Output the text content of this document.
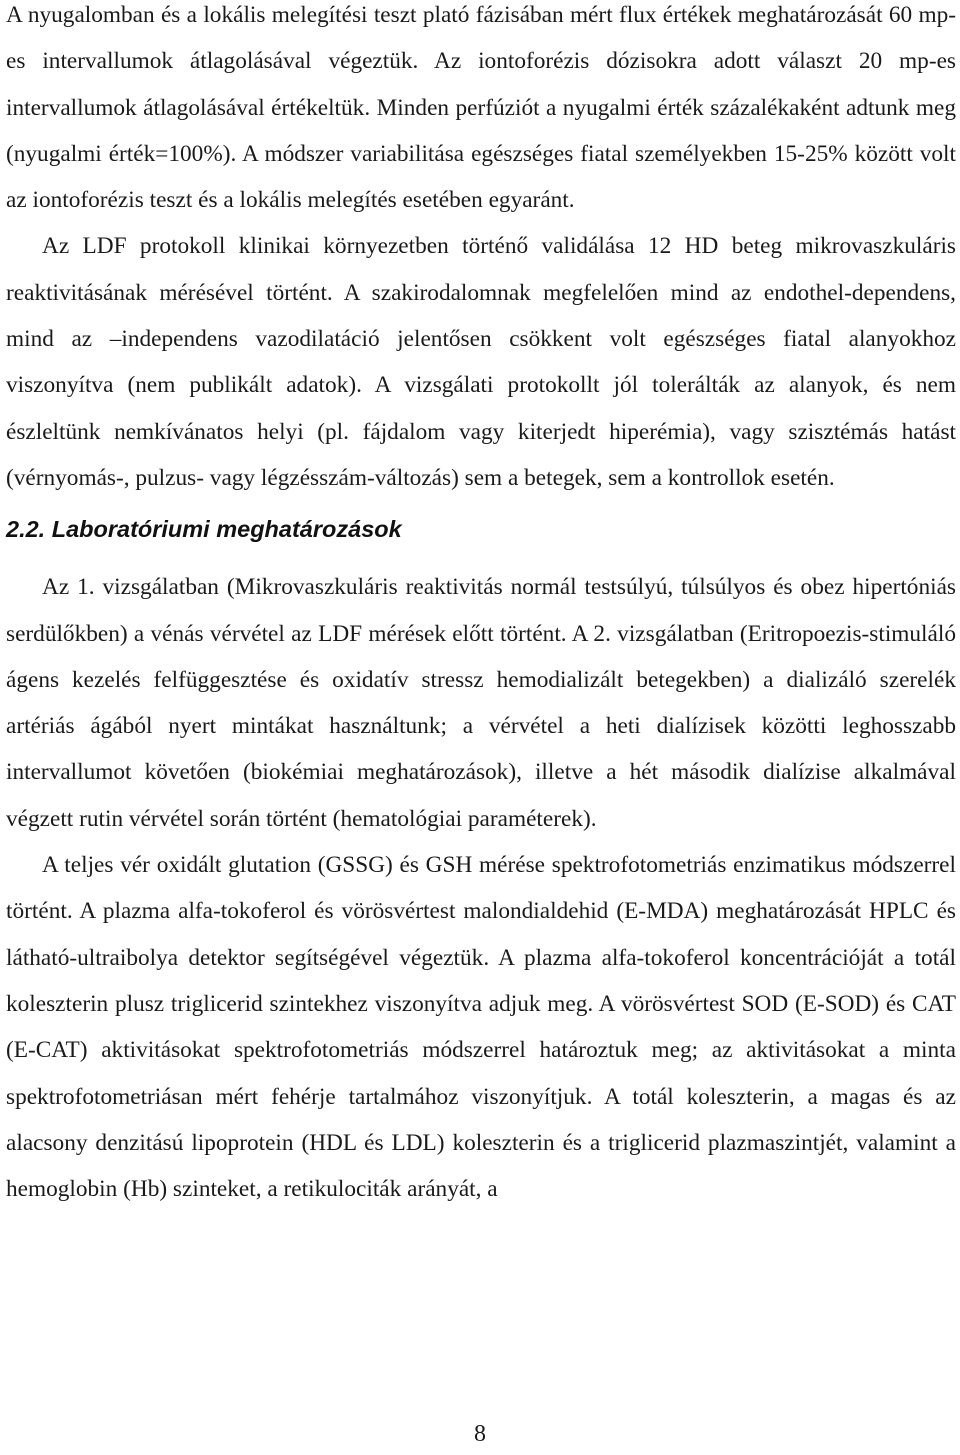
A nyugalomban és a lokális melegítési teszt plató fázisában mért flux értékek meghatározását 60 mp-es intervallumok átlagolásával végeztük. Az iontoforézis dózisokra adott választ 20 mp-es intervallumok átlagolásával értékeltük. Minden perfúziót a nyugalmi érték százalékaként adtunk meg (nyugalmi érték=100%). A módszer variabilitása egészséges fiatal személyekben 15-25% között volt az iontoforézis teszt és a lokális melegítés esetében egyaránt.

Az LDF protokoll klinikai környezetben történő validálása 12 HD beteg mikrovaszkuláris reaktivitásának mérésével történt. A szakirodalomnak megfelelően mind az endothel-dependens, mind az –independens vazodilatáció jelentősen csökkent volt egészséges fiatal alanyokhoz viszonyítva (nem publikált adatok). A vizsgálati protokollt jól tolerálták az alanyok, és nem észleltünk nemkívánatos helyi (pl. fájdalom vagy kiterjedt hiperémia), vagy szisztémás hatást (vérnyomás-, pulzus- vagy légzésszám-változás) sem a betegek, sem a kontrollok esetén.

2.2. Laboratóriumi meghatározások

Az 1. vizsgálatban (Mikrovaszkuláris reaktivitás normál testsúlyú, túlsúlyos és obez hipertóniás serdülőkben) a vénás vérvétel az LDF mérések előtt történt. A 2. vizsgálatban (Eritropoezis-stimuláló ágens kezelés felfüggesztése és oxidatív stressz hemodializált betegekben) a dializáló szerelék artériás ágából nyert mintákat használtunk; a vérvétel a heti dialízisek közötti leghosszabb intervallumot követően (biokémiai meghatározások), illetve a hét második dialízise alkalmával végzett rutin vérvétel során történt (hematológiai paraméterek).

A teljes vér oxidált glutation (GSSG) és GSH mérése spektrofotometriás enzimatikus módszerrel történt. A plazma alfa-tokoferol és vörösvértest malondialdehid (E-MDA) meghatározását HPLC és látható-ultraibolya detektor segítségével végeztük. A plazma alfa-tokoferol koncentrációját a totál koleszterin plusz triglicerid szintekhez viszonyítva adjuk meg. A vörösvértest SOD (E-SOD) és CAT (E-CAT) aktivitásokat spektrofotometriás módszerrel határoztuk meg; az aktivitásokat a minta spektrofotometriásan mért fehérje tartalmához viszonyítjuk. A totál koleszterin, a magas és az alacsony denzitású lipoprotein (HDL és LDL) koleszterin és a triglicerid plazmaszintjét, valamint a hemoglobin (Hb) szinteket, a retikulociták arányát, a

8
